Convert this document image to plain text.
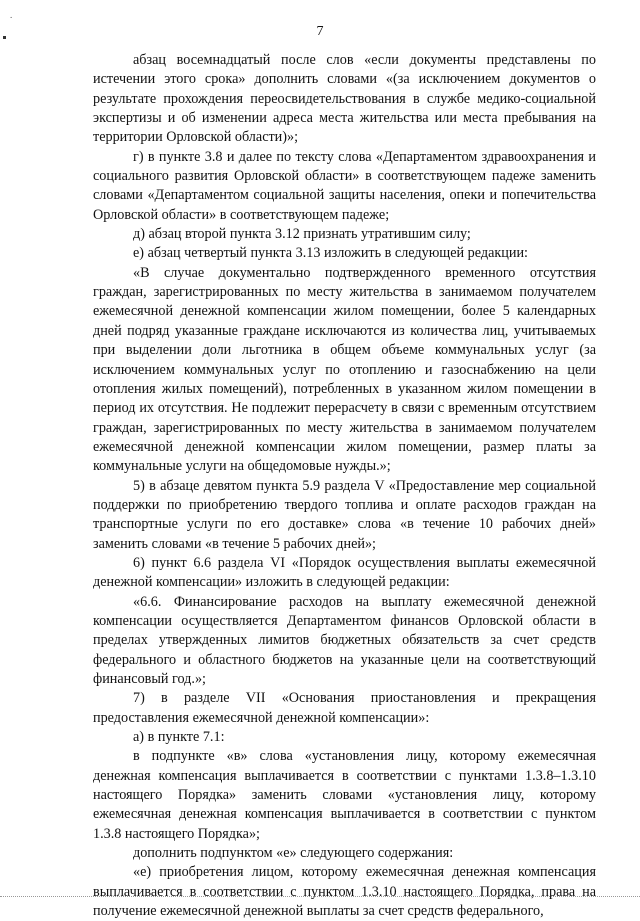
.
7

абзац восемнадцатый после слов «если документы представлены по истечении этого срока» дополнить словами «(за исключением документов о результате прохождения переосвидетельствования в службе медико-социальной экспертизы и об изменении адреса места жительства или места пребывания на территории Орловской области)»;

г) в пункте 3.8 и далее по тексту слова «Департаментом здравоохранения и социального развития Орловской области» в соответствующем падеже заменить словами «Департаментом социальной защиты населения, опеки и попечительства Орловской области» в соответствующем падеже;

д) абзац второй пункта 3.12 признать утратившим силу;

е) абзац четвертый пункта 3.13 изложить в следующей редакции:

«В случае документально подтвержденного временного отсутствия граждан, зарегистрированных по месту жительства в занимаемом получателем ежемесячной денежной компенсации жилом помещении, более 5 календарных дней подряд указанные граждане исключаются из количества лиц, учитываемых при выделении доли льготника в общем объеме коммунальных услуг (за исключением коммунальных услуг по отоплению и газоснабжению на цели отопления жилых помещений), потребленных в указанном жилом помещении в период их отсутствия. Не подлежит перерасчету в связи с временным отсутствием граждан, зарегистрированных по месту жительства в занимаемом получателем ежемесячной денежной компенсации жилом помещении, размер платы за коммунальные услуги на общедомовые нужды.»;

5) в абзаце девятом пункта 5.9 раздела V «Предоставление мер социальной поддержки по приобретению твердого топлива и оплате расходов граждан на транспортные услуги по его доставке» слова «в течение 10 рабочих дней» заменить словами «в течение 5 рабочих дней»;

6) пункт 6.6 раздела VI «Порядок осуществления выплаты ежемесячной денежной компенсации» изложить в следующей редакции:

«6.6. Финансирование расходов на выплату ежемесячной денежной компенсации осуществляется Департаментом финансов Орловской области в пределах утвержденных лимитов бюджетных обязательств за счет средств федерального и областного бюджетов на указанные цели на соответствующий финансовый год.»;

7) в разделе VII «Основания приостановления и прекращения предоставления ежемесячной денежной компенсации»:

а) в пункте 7.1:

в подпункте «в» слова «установления лицу, которому ежемесячная денежная компенсация выплачивается в соответствии с пунктами 1.3.8–1.3.10 настоящего Порядка» заменить словами «установления лицу, которому ежемесячная денежная компенсация выплачивается в соответствии с пунктом 1.3.8 настоящего Порядка»;

дополнить подпунктом «е» следующего содержания:

«е) приобретения лицом, которому ежемесячная денежная компенсация выплачивается в соответствии с пунктом 1.3.10 настоящего Порядка, права на получение ежемесячной денежной выплаты за счет средств федерального,
